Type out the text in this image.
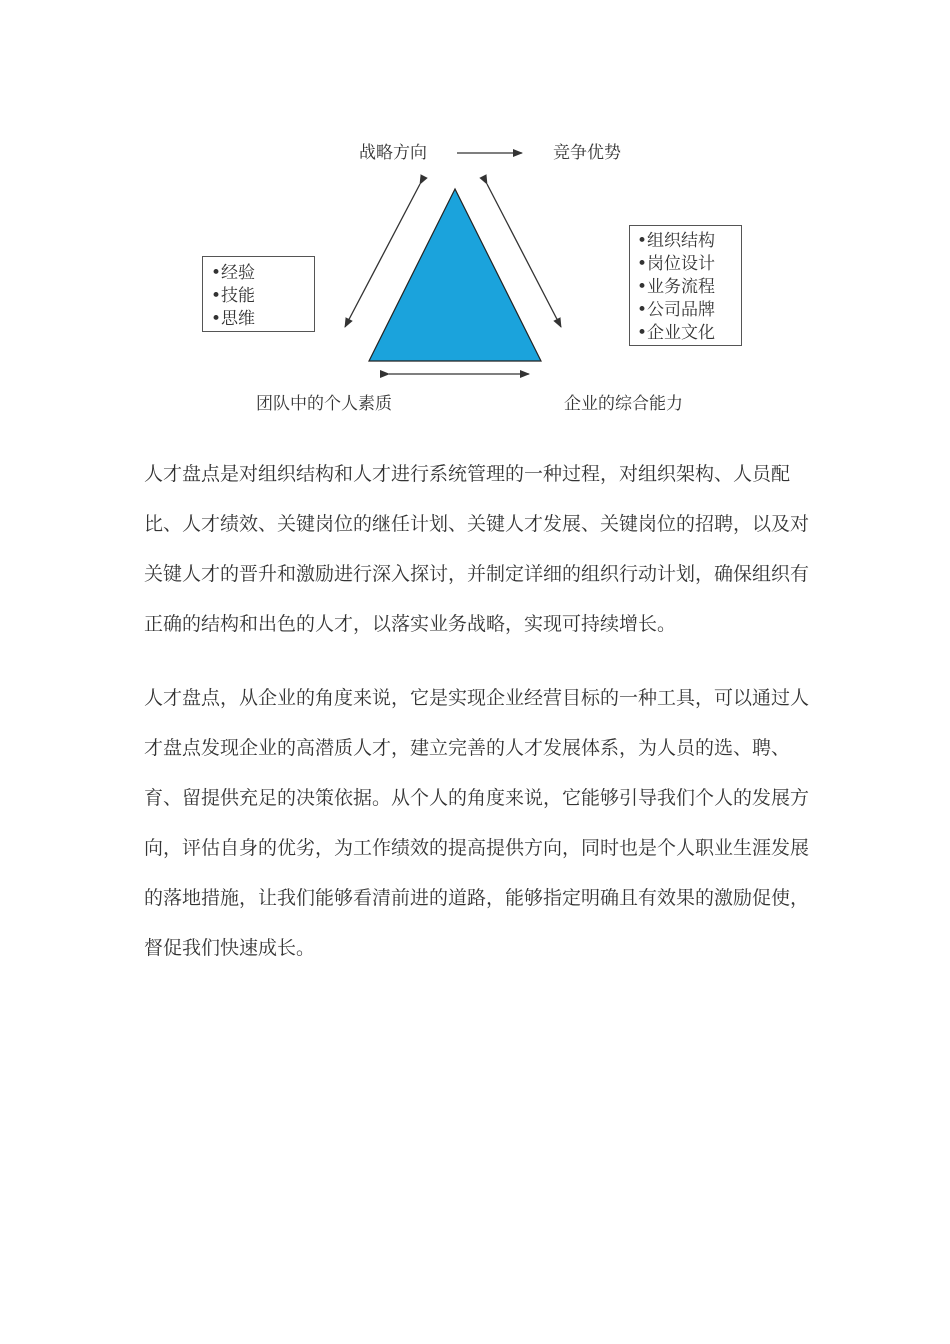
战略方向	竞争优势
团队中的个人素质	企业的综合能力
•经验
•技能
•思维
•组织结构
•岗位设计
•业务流程
•公司品牌
•企业文化

人才盘点是对组织结构和人才进行系统管理的一种过程，对组织架构、人员配比、人才绩效、关键岗位的继任计划、关键人才发展、关键岗位的招聘，以及对关键人才的晋升和激励进行深入探讨，并制定详细的组织行动计划，确保组织有正确的结构和出色的人才，以落实业务战略，实现可持续增长。

人才盘点，从企业的角度来说，它是实现企业经营目标的一种工具，可以通过人才盘点发现企业的高潜质人才，建立完善的人才发展体系，为人员的选、聘、育、留提供充足的决策依据。从个人的角度来说，它能够引导我们个人的发展方向，评估自身的优劣，为工作绩效的提高提供方向，同时也是个人职业生涯发展的落地措施，让我们能够看清前进的道路，能够指定明确且有效果的激励促使，督促我们快速成长。
